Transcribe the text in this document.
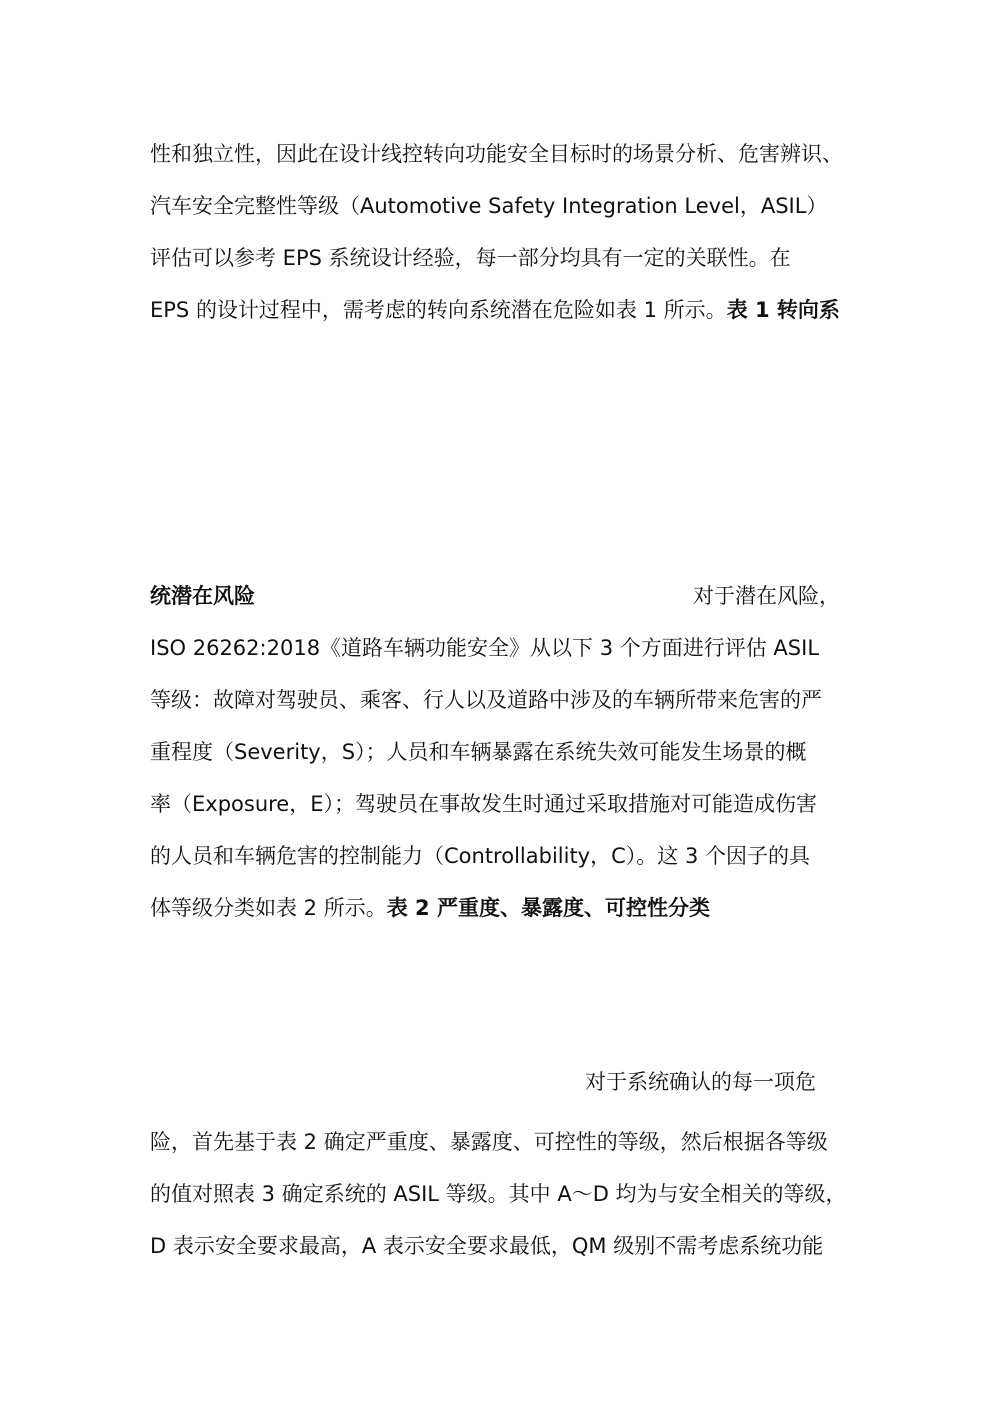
性和独立性，因此在设计线控转向功能安全目标时的场景分析、危害辨识、
汽车安全完整性等级（Automotive Safety Integration Level，ASIL）
评估可以参考 EPS 系统设计经验，每一部分均具有一定的关联性。在
EPS 的设计过程中，需考虑的转向系统潜在危险如表 1 所示。表 1 转向系
统潜在风险	对于潜在风险，
ISO 26262:2018《道路车辆功能安全》从以下 3 个方面进行评估 ASIL
等级：故障对驾驶员、乘客、行人以及道路中涉及的车辆所带来危害的严
重程度（Severity，S）；人员和车辆暴露在系统失效可能发生场景的概
率（Exposure，E）；驾驶员在事故发生时通过采取措施对可能造成伤害
的人员和车辆危害的控制能力（Controllability，C）。这 3 个因子的具
体等级分类如表 2 所示。表 2 严重度、暴露度、可控性分类
对于系统确认的每一项危
险，首先基于表 2 确定严重度、暴露度、可控性的等级，然后根据各等级
的值对照表 3 确定系统的 ASIL 等级。其中 A～D 均为与安全相关的等级，
D 表示安全要求最高，A 表示安全要求最低，QM 级别不需考虑系统功能
